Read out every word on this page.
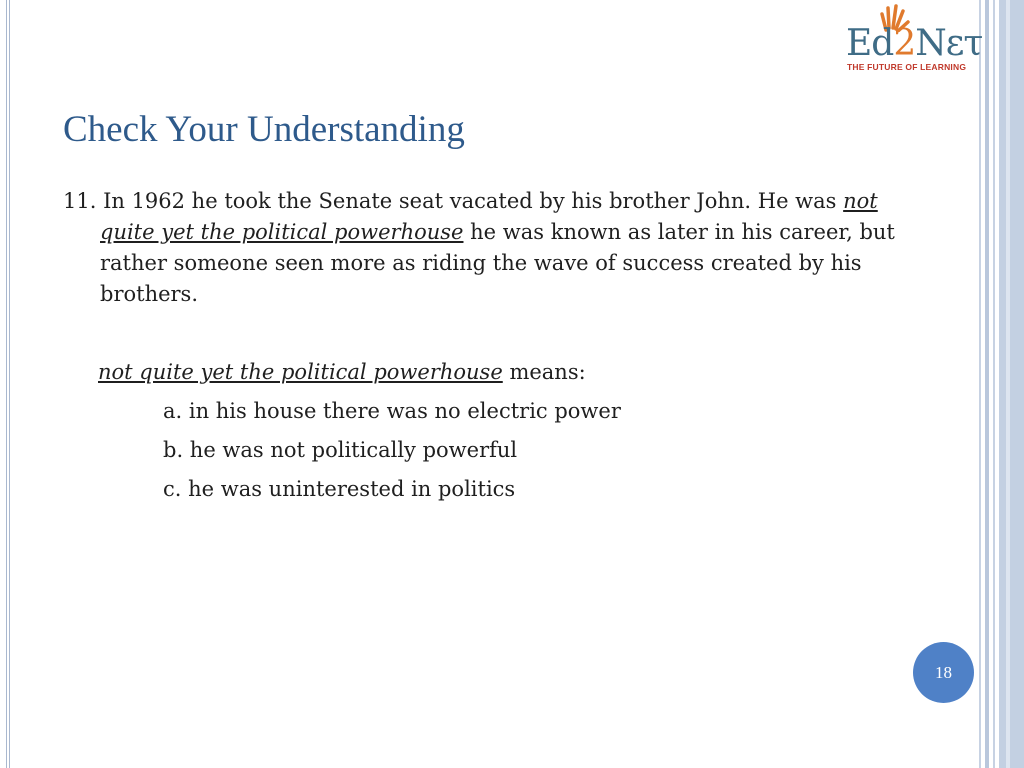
Ed2Νετ
THE FUTURE OF LEARNING
Check Your Understanding
11. In 1962 he took the Senate seat vacated by his brother John. He was not quite yet the political powerhouse he was known as later in his career, but rather someone seen more as riding the wave of success created by his brothers.
not quite yet the political powerhouse means:
a. in his house there was no electric power
b. he was not politically powerful
c. he was uninterested in politics
18
